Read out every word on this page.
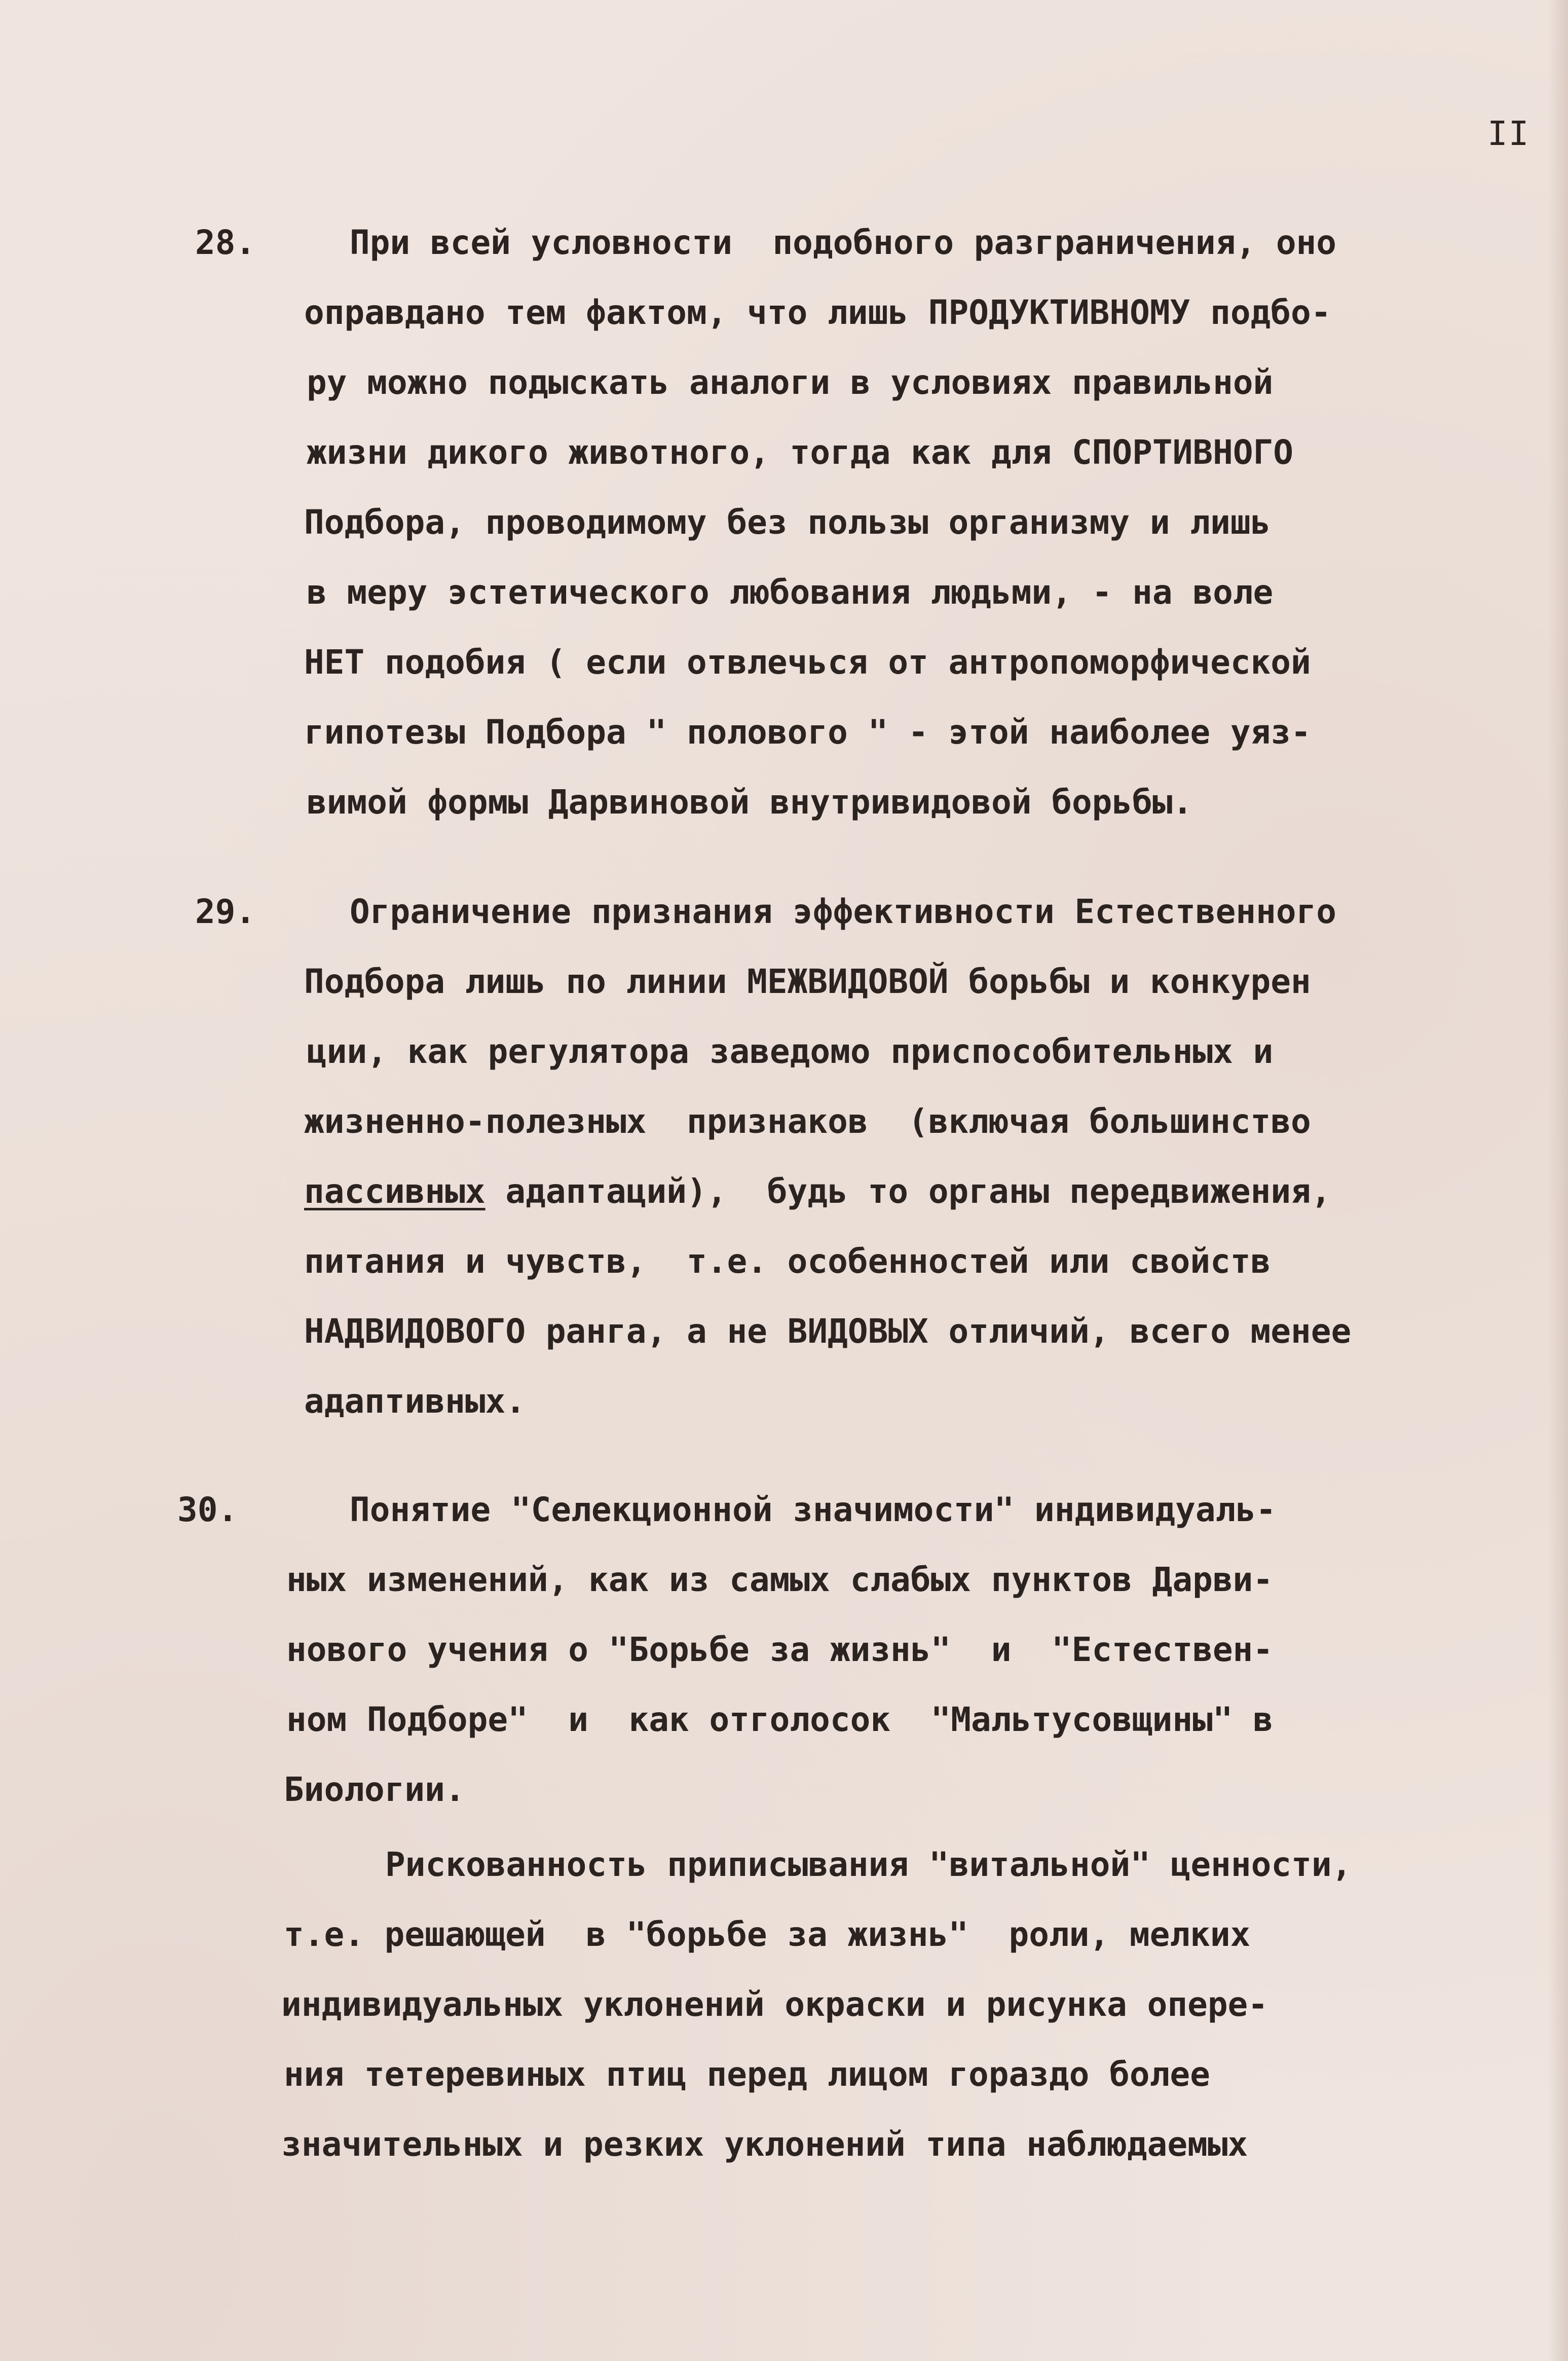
II
28.	При всей условности  подобного разграничения, оно
оправдано тем фактом, что лишь ПРОДУКТИВНОМУ подбо-
ру можно подыскать аналоги в условиях правильной
жизни дикого животного, тогда как для СПОРТИВНОГО
Подбора, проводимому без пользы организму и лишь
в меру эстетического любования людьми, - на воле
НЕТ подобия ( если отвлечься от антропоморфической
гипотезы Подбора " полового " - этой наиболее уяз-
вимой формы Дарвиновой внутривидовой борьбы.
29.	Ограничение признания эффективности Естественного
Подбора лишь по линии МЕЖВИДОВОЙ борьбы и конкурен
ции, как регулятора заведомо приспособительных и
жизненно-полезных  признаков  (включая большинство
пассивных адаптаций),  будь то органы передвижения,
питания и чувств,  т.е. особенностей или свойств
НАДВИДОВОГО ранга, а не ВИДОВЫХ отличий, всего менее
адаптивных.
30.	Понятие "Селекционной значимости" индивидуаль-
ных изменений, как из самых слабых пунктов Дарви-
нового учения о "Борьбе за жизнь"  и  "Естествен-
ном Подборе"  и  как отголосок  "Мальтусовщины" в
Биологии.
Рискованность приписывания "витальной" ценности,
т.е. решающей  в "борьбе за жизнь"  роли, мелких
индивидуальных уклонений окраски и рисунка опере-
ния тетеревиных птиц перед лицом гораздо более
значительных и резких уклонений типа наблюдаемых
